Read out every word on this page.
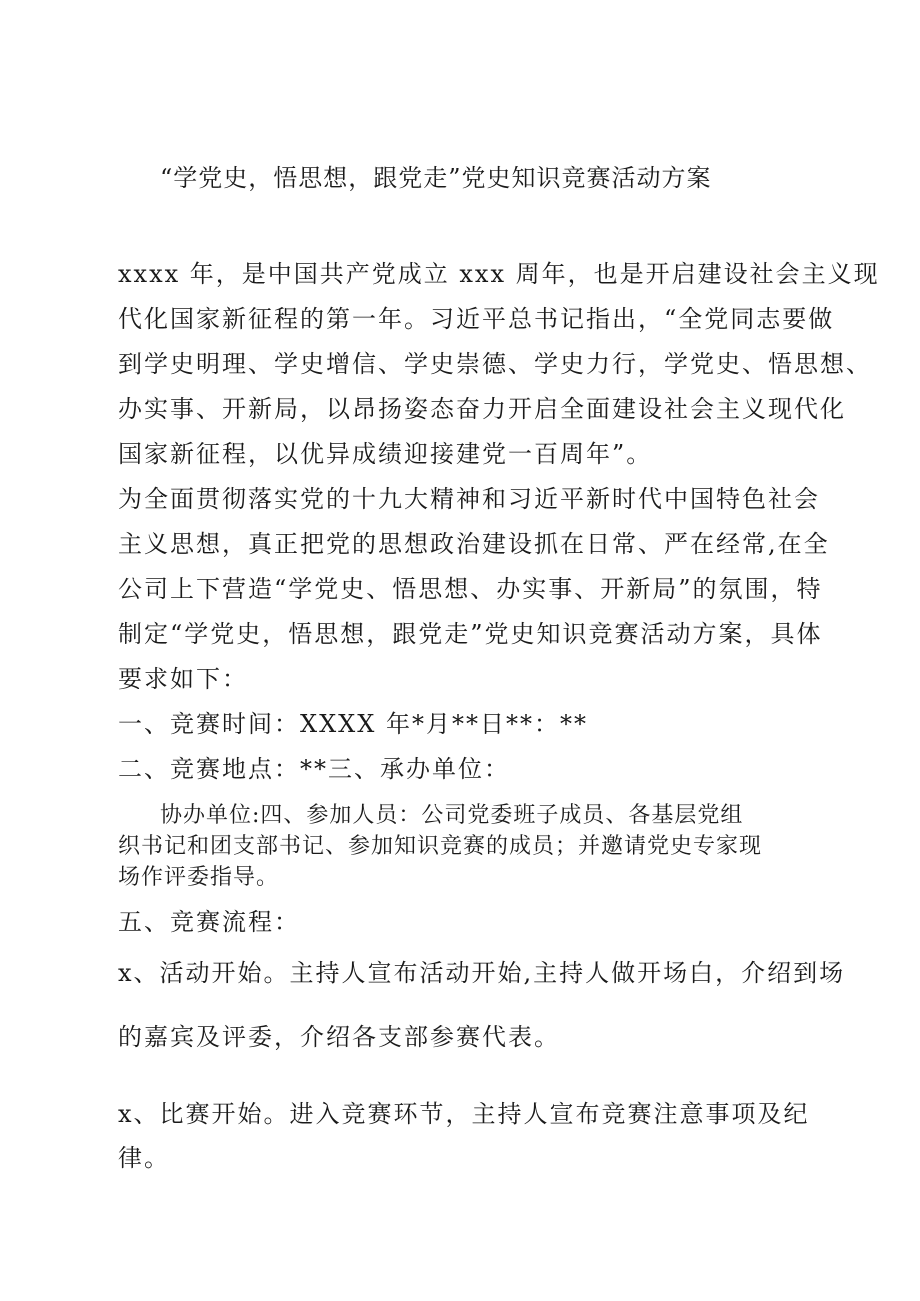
“学党史，悟思想，跟党走”党史知识竞赛活动方案
xxxx 年，是中国共产党成立 xxx 周年，也是开启建设社会主义现
代化国家新征程的第一年。习近平总书记指出，“全党同志要做
到学史明理、学史增信、学史崇德、学史力行，学党史、悟思想、
办实事、开新局，以昂扬姿态奋力开启全面建设社会主义现代化
国家新征程，以优异成绩迎接建党一百周年”。
为全面贯彻落实党的十九大精神和习近平新时代中国特色社会
主义思想，真正把党的思想政治建设抓在日常、严在经常,在全
公司上下营造“学党史、悟思想、办实事、开新局”的氛围，特
制定“学党史，悟思想，跟党走”党史知识竞赛活动方案，具体
要求如下：
一、竞赛时间：XXXX 年*月**日**：**
二、竞赛地点：**三、承办单位：
协办单位:四、参加人员：公司党委班子成员、各基层党组
织书记和团支部书记、参加知识竞赛的成员；并邀请党史专家现
场作评委指导。
五、竞赛流程：
x、活动开始。主持人宣布活动开始,主持人做开场白，介绍到场
的嘉宾及评委，介绍各支部参赛代表。
x、比赛开始。进入竞赛环节，主持人宣布竞赛注意事项及纪
律。
